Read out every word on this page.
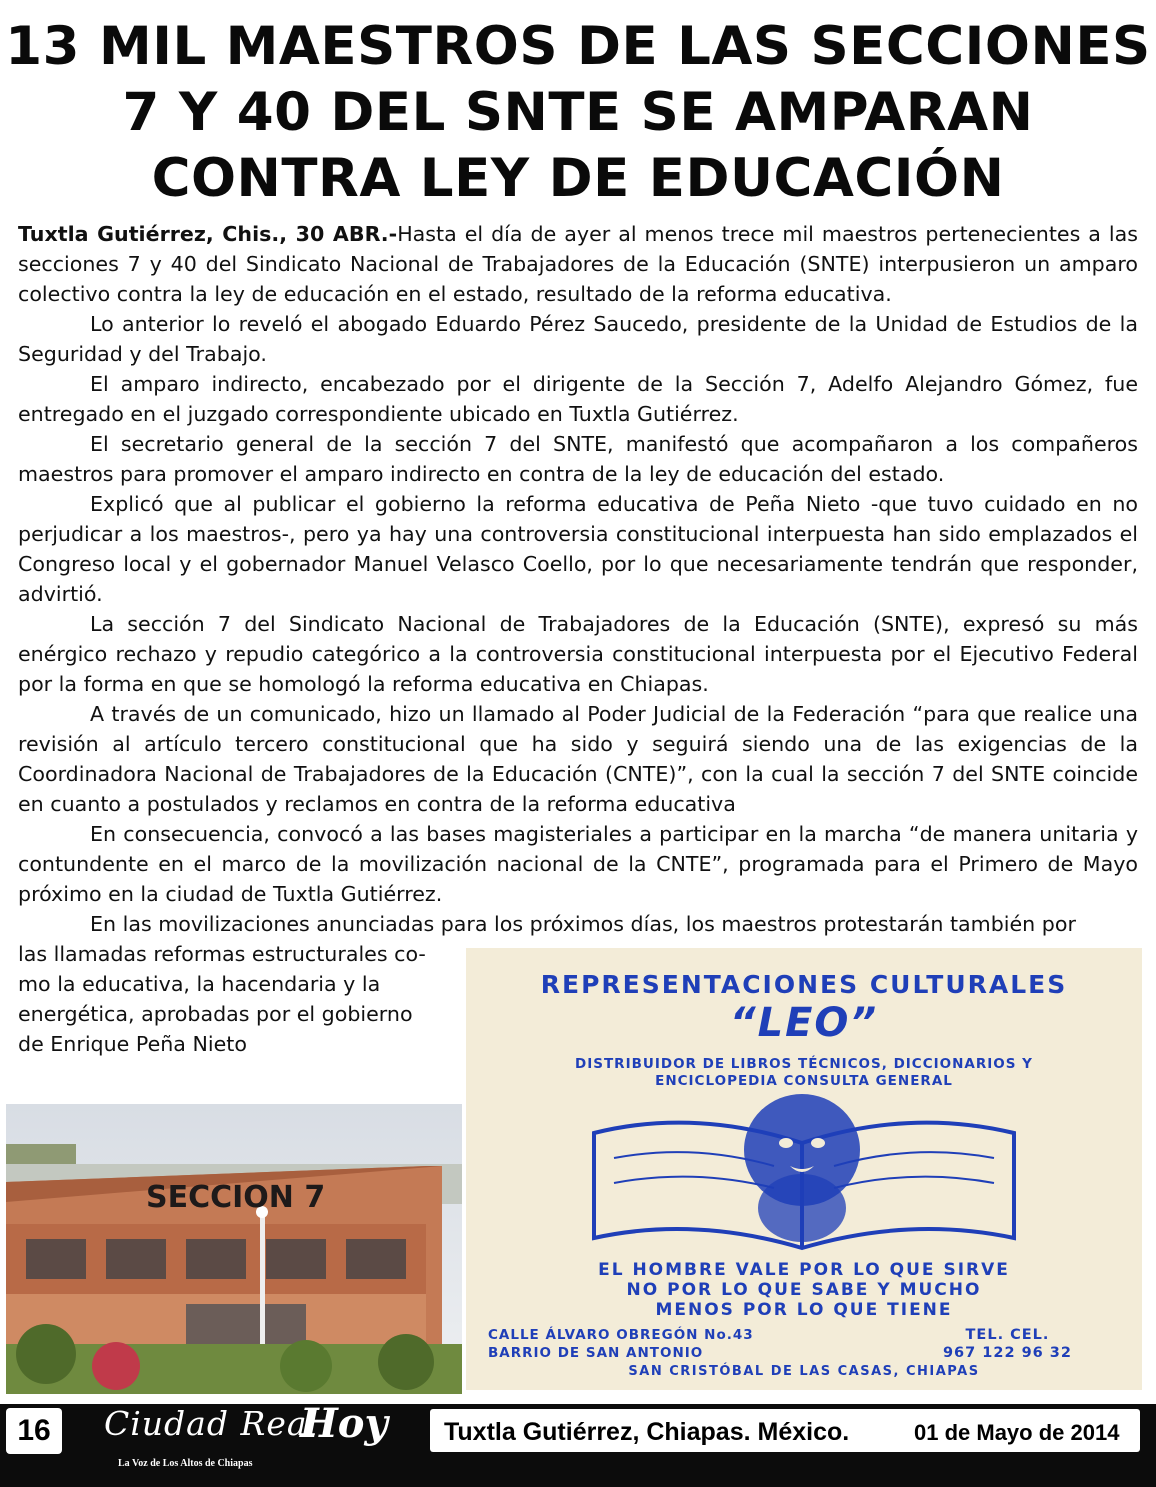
13 MIL MAESTROS DE LAS SECCIONES
7 Y 40 DEL SNTE SE AMPARAN
CONTRA LEY DE EDUCACIÓN

Tuxtla Gutiérrez, Chis., 30 ABR.-Hasta el día de ayer al menos trece mil maestros pertenecientes a las secciones 7 y 40 del Sindicato Nacional de Trabajadores de la Educación (SNTE) interpusieron un amparo colectivo contra la ley de educación en el estado, resultado de la reforma educativa.

Lo anterior lo reveló el abogado Eduardo Pérez Saucedo, presidente de la Unidad de Estudios de la Seguridad y del Trabajo.

El amparo indirecto, encabezado por el dirigente de la Sección 7, Adelfo Alejandro Gómez, fue entregado en el juzgado correspondiente ubicado en Tuxtla Gutiérrez.

El secretario general de la sección 7 del SNTE, manifestó que acompañaron a los compañeros maestros para promover el amparo indirecto en contra de la ley de educación del estado.

Explicó que al publicar el gobierno la reforma educativa de Peña Nieto -que tuvo cuidado en no perjudicar a los maestros-, pero ya hay una controversia constitucional interpuesta han sido emplazados el Congreso local y el gobernador Manuel Velasco Coello, por lo que necesariamente tendrán que responder, advirtió.

La sección 7 del Sindicato Nacional de Trabajadores de la Educación (SNTE), expresó su más enérgico rechazo y repudio categórico a la controversia constitucional interpuesta por el Ejecutivo Federal por la forma en que se homologó la reforma educativa en Chiapas.

A través de un comunicado, hizo un llamado al Poder Judicial de la Federación “para que realice una revisión al artículo tercero constitucional que ha sido y seguirá siendo una de las exigencias de la Coordinadora Nacional de Trabajadores de la Educación (CNTE)”, con la cual la sección 7 del SNTE coincide en cuanto a postulados y reclamos en contra de la reforma educativa

En consecuencia, convocó a las bases magisteriales a participar en la marcha “de manera unitaria y contundente en el marco de la movilización nacional de la CNTE”, programada para el Primero de Mayo próximo en la ciudad de Tuxtla Gutiérrez.

En las movilizaciones anunciadas para los próximos días, los maestros protestarán también por

las llamadas reformas estructurales co-
mo la educativa, la hacendaria y la
energética, aprobadas por el gobierno
de Enrique Peña Nieto
REPRESENTACIONES CULTURALES
“LEO”
DISTRIBUIDOR DE LIBROS TÉCNICOS, DICCIONARIOS Y
ENCICLOPEDIA CONSULTA GENERAL
EL HOMBRE VALE POR LO QUE SIRVE
NO POR LO QUE SABE Y MUCHO
MENOS POR LO QUE TIENE
CALLE ÁLVARO OBREGÓN No.43
BARRIO DE SAN ANTONIO
TEL. CEL.
967 122 96 32
SAN CRISTÓBAL DE LAS CASAS, CHIAPAS
SECCION 7
16	Ciudad Real
Hoy
La Voz de Los Altos de Chiapas
Tuxtla Gutiérrez, Chiapas. México.	01 de Mayo de 2014
